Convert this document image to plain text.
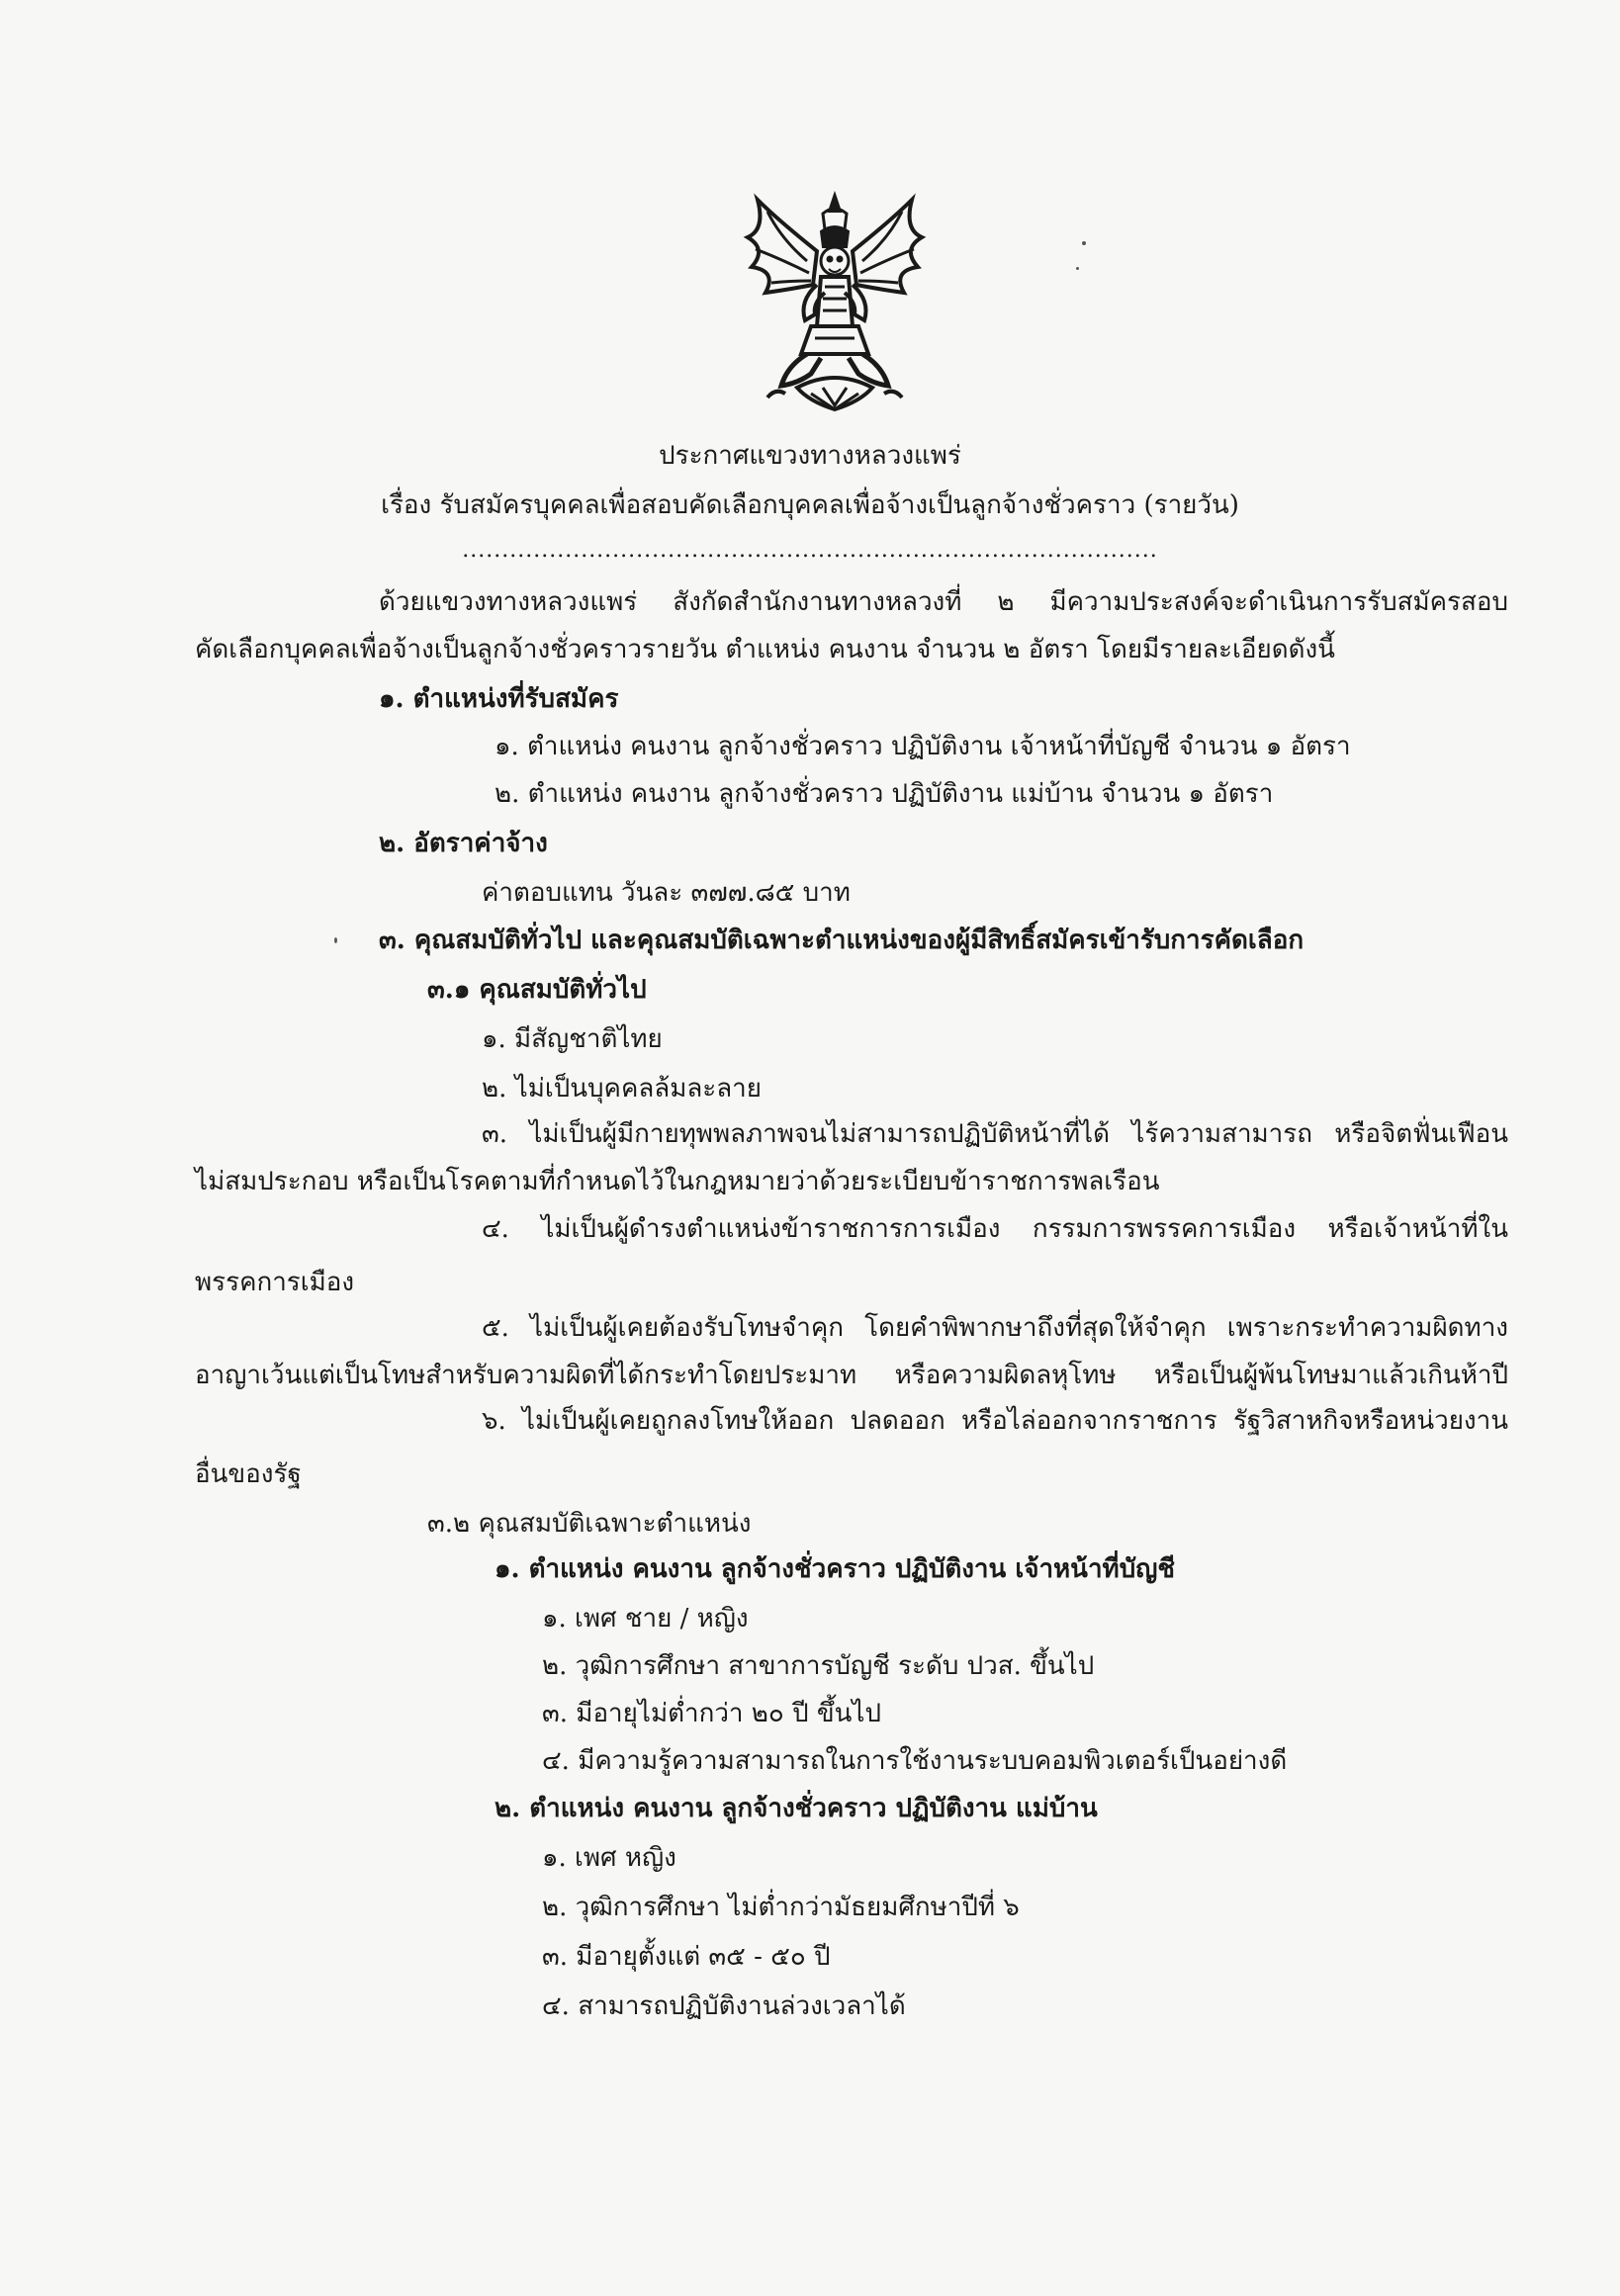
ประกาศแขวงทางหลวงแพร่
เรื่อง รับสมัครบุคคลเพื่อสอบคัดเลือกบุคคลเพื่อจ้างเป็นลูกจ้างชั่วคราว (รายวัน)
........................................................................................
ด้วยแขวงทางหลวงแพร่ สังกัดสำนักงานทางหลวงที่ ๒ มีความประสงค์จะดำเนินการรับสมัครสอบ
คัดเลือกบุคคลเพื่อจ้างเป็นลูกจ้างชั่วคราวรายวัน ตำแหน่ง คนงาน จำนวน ๒ อัตรา โดยมีรายละเอียดดังนี้
๑. ตำแหน่งที่รับสมัคร
๑. ตำแหน่ง คนงาน ลูกจ้างชั่วคราว ปฏิบัติงาน เจ้าหน้าที่บัญชี จำนวน ๑ อัตรา
๒. ตำแหน่ง คนงาน ลูกจ้างชั่วคราว ปฏิบัติงาน แม่บ้าน จำนวน ๑ อัตรา
๒. อัตราค่าจ้าง
ค่าตอบแทน วันละ ๓๗๗.๘๕ บาท
๓. คุณสมบัติทั่วไป และคุณสมบัติเฉพาะตำแหน่งของผู้มีสิทธิ์สมัครเข้ารับการคัดเลือก
๓.๑ คุณสมบัติทั่วไป
๑. มีสัญชาติไทย
๒. ไม่เป็นบุคคลล้มละลาย
๓. ไม่เป็นผู้มีกายทุพพลภาพจนไม่สามารถปฏิบัติหน้าที่ได้ ไร้ความสามารถ หรือจิตฟั่นเฟือน
ไม่สมประกอบ หรือเป็นโรคตามที่กำหนดไว้ในกฎหมายว่าด้วยระเบียบข้าราชการพลเรือน
๔. ไม่เป็นผู้ดำรงตำแหน่งข้าราชการการเมือง กรรมการพรรคการเมือง หรือเจ้าหน้าที่ใน
พรรคการเมือง
๕. ไม่เป็นผู้เคยต้องรับโทษจำคุก โดยคำพิพากษาถึงที่สุดให้จำคุก เพราะกระทำความผิดทาง
อาญาเว้นแต่เป็นโทษสำหรับความผิดที่ได้กระทำโดยประมาท หรือความผิดลหุโทษ หรือเป็นผู้พ้นโทษมาแล้วเกินห้าปี
๖. ไม่เป็นผู้เคยถูกลงโทษให้ออก ปลดออก หรือไล่ออกจากราชการ รัฐวิสาหกิจหรือหน่วยงาน
อื่นของรัฐ
๓.๒ คุณสมบัติเฉพาะตำแหน่ง
๑. ตำแหน่ง คนงาน ลูกจ้างชั่วคราว ปฏิบัติงาน เจ้าหน้าที่บัญชี
๑. เพศ ชาย / หญิง
๒. วุฒิการศึกษา สาขาการบัญชี ระดับ ปวส. ขึ้นไป
๓. มีอายุไม่ต่ำกว่า ๒๐ ปี ขึ้นไป
๔. มีความรู้ความสามารถในการใช้งานระบบคอมพิวเตอร์เป็นอย่างดี
๒. ตำแหน่ง คนงาน ลูกจ้างชั่วคราว ปฏิบัติงาน แม่บ้าน
๑. เพศ หญิง
๒. วุฒิการศึกษา ไม่ต่ำกว่ามัธยมศึกษาปีที่ ๖
๓. มีอายุตั้งแต่ ๓๕ - ๕๐ ปี
๔. สามารถปฏิบัติงานล่วงเวลาได้
